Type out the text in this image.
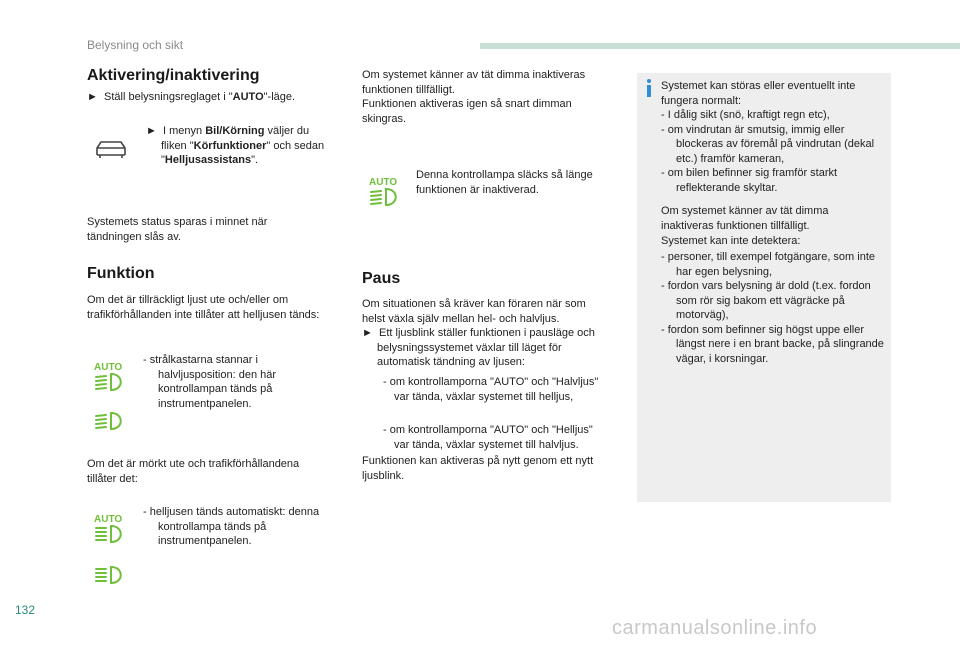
Belysning och sikt
Aktivering/inaktivering
► Ställ belysningsreglaget i "AUTO"-läge.
► I menyn Bil/Körning väljer du fliken "Körfunktioner" och sedan "Helljusassistans".
Systemets status sparas i minnet när tändningen slås av.
Funktion
Om det är tillräckligt ljust ute och/eller om trafikförhållanden inte tillåter att helljusen tänds:
AUTO
- strålkastarna stannar i halvljusposition: den här kontrollampan tänds på instrumentpanelen.
Om det är mörkt ute och trafikförhållandena tillåter det:
AUTO
- helljusen tänds automatiskt: denna kontrollampa tänds på instrumentpanelen.
Om systemet känner av tät dimma inaktiveras funktionen tillfälligt.
Funktionen aktiveras igen så snart dimman skingras.
AUTO
Denna kontrollampa släcks så länge funktionen är inaktiverad.
Paus
Om situationen så kräver kan föraren när som helst växla själv mellan hel- och halvljus.
► Ett ljusblink ställer funktionen i pausläge och belysningssystemet växlar till läget för automatisk tändning av ljusen:
- om kontrollamporna "AUTO" och "Halvljus" var tända, växlar systemet till helljus,
- om kontrollamporna "AUTO" och "Helljus" var tända, växlar systemet till halvljus.
Funktionen kan aktiveras på nytt genom ett nytt ljusblink.
Systemet kan störas eller eventuellt inte fungera normalt:
- I dålig sikt (snö, kraftigt regn etc),
- om vindrutan är smutsig, immig eller blockeras av föremål på vindrutan (dekal etc.) framför kameran,
- om bilen befinner sig framför starkt reflekterande skyltar.
Om systemet känner av tät dimma inaktiveras funktionen tillfälligt.
Systemet kan inte detektera:
- personer, till exempel fotgängare, som inte har egen belysning,
- fordon vars belysning är dold (t.ex. fordon som rör sig bakom ett vägräcke på motorväg),
- fordon som befinner sig högst uppe eller längst nere i en brant backe, på slingrande vägar, i korsningar.
132
carmanualsonline.info
